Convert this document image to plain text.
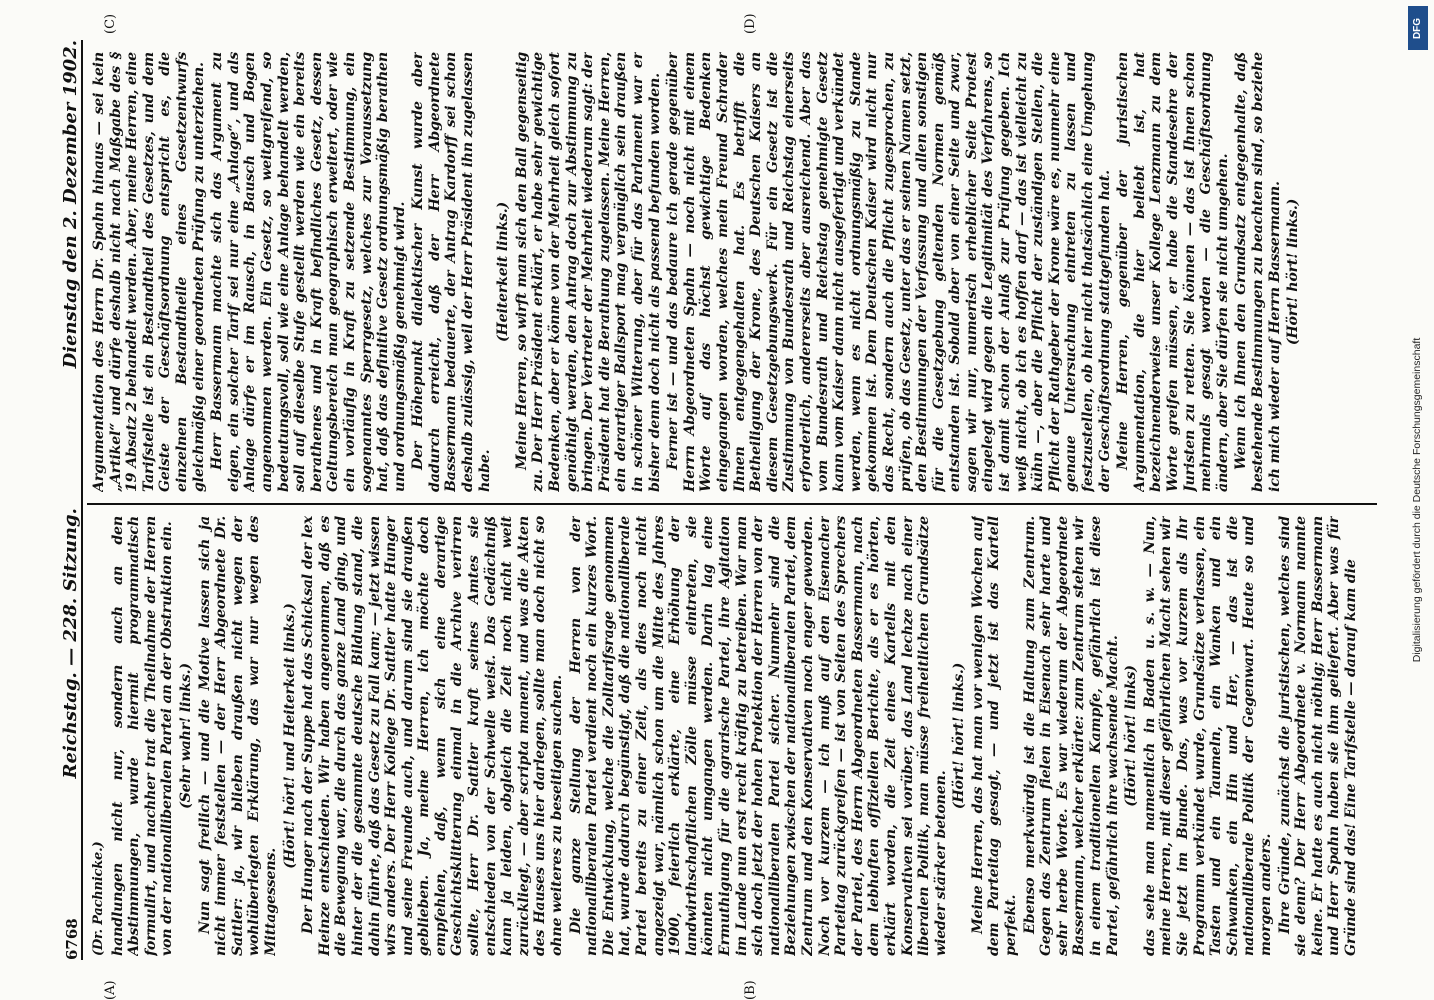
6768
Reichstag. — 228. Sitzung.
Dienstag den 2. Dezember 1902.
(A)	(B)
(C)	(D)
(Dr. Pachnicke.) handlungen nicht nur, sondern auch an den Abstimmungen, wurde hiermit programmatisch formulirt, und nachher trat die Theilnahme der Herren von der nationalliberalen Partei an der Obstruktion ein. (Sehr wahr! links.) Nun sagt freilich — und die Motive lassen sich ja nicht immer feststellen — der Herr Abgeordnete Dr. Sattler: ja, wir blieben draußen nicht wegen der wohlüberlegten Erklärung, das war nur wegen des Mittagessens.

(Hört! hört! und Heiterkeit links.) Der Hunger nach der Suppe hat das Schicksal der lex Heinze entschieden. Wir haben angenommen, daß es die Bewegung war, die durch das ganze Land ging, und hinter der die gesammte deutsche Bildung stand, die dahin führte, daß das Gesetz zu Fall kam; — jetzt wissen wirs anders. Der Herr Kollege Dr. Sattler hatte Hunger und seine Freunde auch, und darum sind sie draußen geblieben. Ja, meine Herren, ich möchte doch empfehlen, daß, wenn sich eine derartige Geschichtsklitterung einmal in die Archive verirren sollte, Herr Dr. Sattler kraft seines Amtes sie entschieden von der Schwelle weist. Das Gedächtniß kann ja leiden, obgleich die Zeit noch nicht weit zurückliegt, — aber scripta manent, und was die Akten des Hauses uns hier darlegen, sollte man doch nicht so ohne weiteres zu beseitigen suchen. Die ganze Stellung der Herren von der nationalliberalen Partei verdient noch ein kurzes Wort. Die Entwicklung, welche die Zolltarifsrage genommen hat, wurde dadurch begünstigt, daß die nationalliberale Partei bereits zu einer Zeit, als dies noch nicht angezeigt war, nämlich schon um die Mitte des Jahres 1900, feierlich erklärte, eine Erhöhung der landwirthschaftlichen Zölle müsse eintreten, sie könnten nicht umgangen werden. Darin lag eine Ermuthigung für die agrarische Partei, ihre Agitation im Lande nun erst recht kräftig zu betreiben. War man sich doch jetzt der hohen Protektion der Herren von der nationalliberalen Partei sicher. Nunmehr sind die Beziehungen zwischen der nationalliberalen Partei, dem Zentrum und den Konservativen noch enger geworden. Noch vor kurzem — ich muß auf den Eisenacher Parteitag zurückgreifen — ist von Seiten des Sprechers der Partei, des Herrn Abgeordneten Bassermann, nach dem lebhaften offiziellen Berichte, als er es hörten, erklärt worden, die Zeit eines Kartells mit den Konservativen sei vorüber, das Land lechze nach einer liberalen Politik, man müsse freiheitlichen Grundsätze wieder stärker betonen.

(Hört! hört! links.) Meine Herren, das hat man vor wenigen Wochen auf dem Parteitag gesagt, — und jetzt ist das Kartell perfekt. Ebenso merkwürdig ist die Haltung zum Zentrum. Gegen das Zentrum fielen in Eisenach sehr harte und sehr herbe Worte. Es war wiederum der Abgeordnete Bassermann, welcher erklärte: zum Zentrum stehen wir in einem traditionellen Kampfe, gefährlich ist diese Partei, gefährlich ihre wachsende Macht. (Hört! hört! links) das sehe man namentlich in Baden u. s. w. — Nun, meine Herren, mit dieser gefährlichen Macht sehen wir Sie jetzt im Bunde. Das, was vor kurzem als Ihr Programm verkündet wurde, Grundsätze verlassen, ein Tasten und ein Taumeln, ein Wanken und ein Schwanken, ein Hin und Her, — das ist die nationalliberale Politik der Gegenwart. Heute so und morgen anders. Ihre Gründe, zunächst die juristischen, welches sind sie denn? Der Herr Abgeordnete v. Normann nannte keine. Er hatte es auch nicht nöthig; Herr Bassermann und Herr Spahn haben sie ihm geliefert. Aber was für Gründe sind das! Eine Tarifstelle — darauf kam die

Argumentation des Herrn Dr. Spahn hinaus — sei kein „Artikel“ und dürfe deshalb nicht nach Maßgabe des § 19 Absatz 2 behandelt werden. Aber, meine Herren, eine Tarifstelle ist ein Bestandtheil des Gesetzes, und dem Geiste der Geschäftsordnung entspricht es, die einzelnen Bestandtheile eines Gesetzentwurfs gleichmäßig einer geordneten Prüfung zu unterziehen. Herr Bassermann machte sich das Argument zu eigen, ein solcher Tarif sei nur eine „Anlage“, und als Anlage dürfe er im Rausch, in Bausch und Bogen angenommen werden. Ein Gesetz, so weitgreifend, so bedeutungsvoll, soll wie eine Anlage behandelt werden, soll auf dieselbe Stufe gestellt werden wie ein bereits berathenes und in Kraft befindliches Gesetz, dessen Geltungsbereich man geographisch erweitert, oder wie ein vorläufig in Kraft zu setzende Bestimmung, ein sogenanntes Sperrgesetz, welches zur Voraussetzung hat, daß das definitive Gesetz ordnungsmäßig berathen und ordnungsmäßig genehmigt wird. Der Höhepunkt dialektischer Kunst wurde aber dadurch erreicht, daß der Herr Abgeordnete Bassermann bedauerte, der Antrag Kardorff sei schon deshalb zulässig, weil der Herr Präsident ihn zugelassen habe.

(Heiterkeit links.) Meine Herren, so wirft man sich den Ball gegenseitig zu. Der Herr Präsident erklärt, er habe sehr gewichtige Bedenken, aber er könne von der Mehrheit gleich sofort genöthigt werden, den Antrag doch zur Abstimmung zu bringen. Der Vertreter der Mehrheit wiederum sagt: der Präsident hat die Berathung zugelassen. Meine Herren, ein derartiger Ballsport mag vergnüglich sein draußen in schöner Witterung, aber für das Parlament war er bisher denn doch nicht als passend befunden worden. Ferner ist — und das bedaure ich gerade gegenüber Herrn Abgeordneten Spahn — noch nicht mit einem Worte auf das höchst gewichtige Bedenken eingegangen worden, welches mein Freund Schrader Ihnen entgegengehalten hat. Es betrifft die Betheiligung der Krone, des Deutschen Kaisers an diesem Gesetzgebungswerk. Für ein Gesetz ist die Zustimmung von Bundesrath und Reichstag einerseits erforderlich, andererseits aber ausreichend. Aber das vom Bundesrath und Reichstag genehmigte Gesetz kann vom Kaiser dann nicht ausgefertigt und verkündet werden, wenn es nicht ordnungsmäßig zu Stande gekommen ist. Dem Deutschen Kaiser wird nicht nur das Recht, sondern auch die Pflicht zugesprochen, zu prüfen, ob das Gesetz, unter das er seinen Namen setzt, den Bestimmungen der Verfassung und allen sonstigen für die Gesetzgebung geltenden Normen gemäß entstanden ist. Sobald aber von einer Seite und zwar, sagen wir nur, numerisch erheblicher Seite Protest eingelegt wird gegen die Legitimität des Verfahrens, so ist damit schon der Anlaß zur Prüfung gegeben. Ich weiß nicht, ob ich es hoffen darf — das ist vielleicht zu kühn —, aber die Pflicht der zuständigen Stellen, die Pflicht der Rathgeber der Krone wäre es, nunmehr eine genaue Untersuchung eintreten zu lassen und festzustellen, ob hier nicht thatsächlich eine Umgehung der Geschäftsordnung stattgefunden hat. Meine Herren, gegenüber der juristischen Argumentation, die hier beliebt ist, hat bezeichnenderweise unser Kollege Lenzmann zu dem Worte greifen müssen, er habe die Standesehre der Juristen zu retten. Sie können — das ist Ihnen schon mehrmals gesagt worden — die Geschäftsordnung ändern, aber Sie dürfen sie nicht umgehen. Wenn ich Ihnen den Grundsatz entgegenhalte, daß bestehende Bestimmungen zu beachten sind, so beziehe ich mich wieder auf Herrn Bassermann. (Hört! hört! links.)

Digitalisierung gefördert durch die Deutsche Forschungsgemeinschaft
DFG
